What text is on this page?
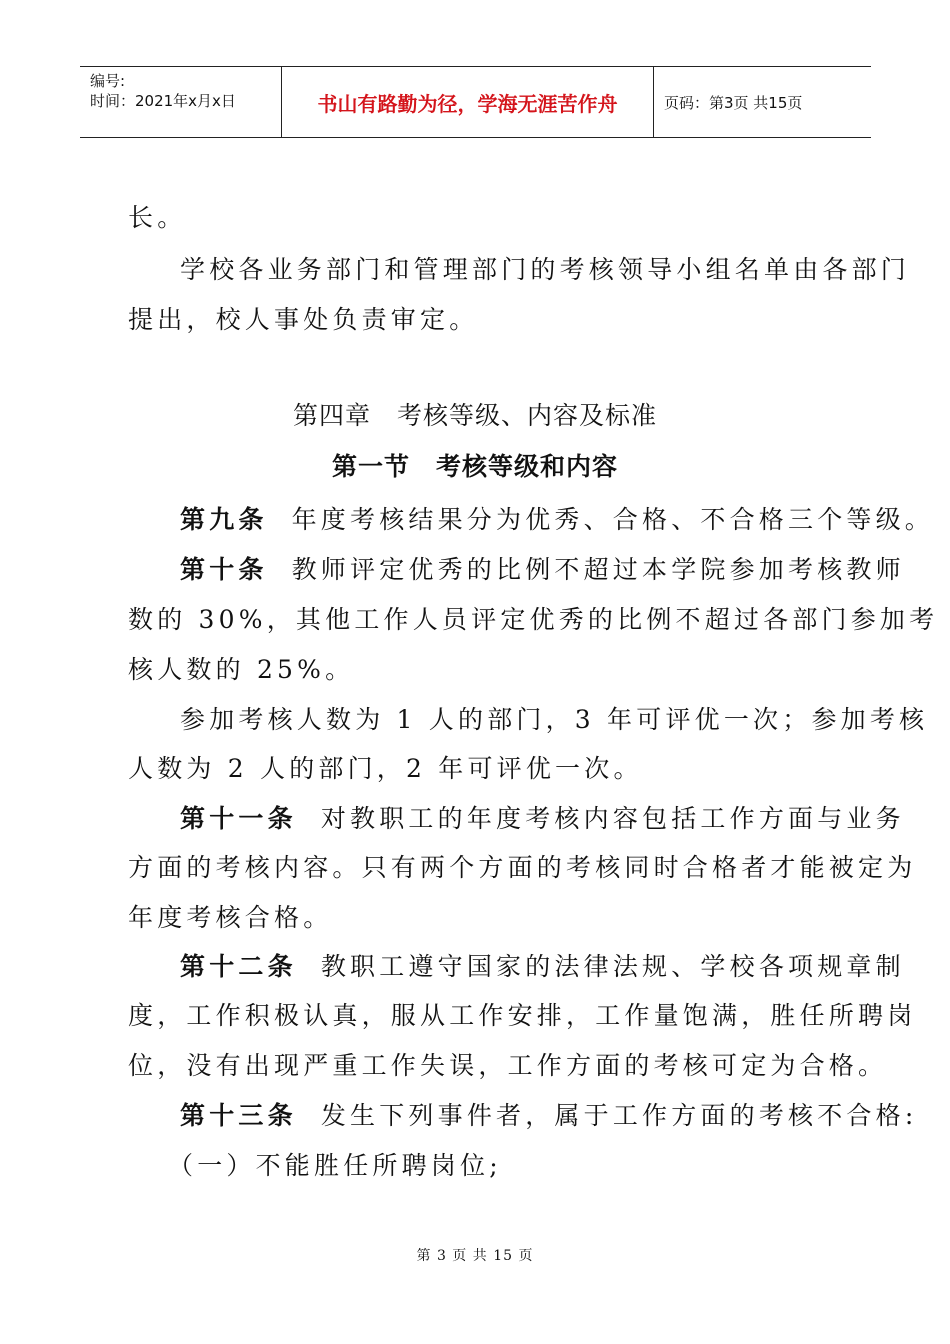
编号:
时间：2021年x月x日	书山有路勤为径，学海无涯苦作舟	页码：第3页 共15页
长。
学校各业务部门和管理部门的考核领导小组名单由各部门
提出，校人事处负责审定。
第四章　考核等级、内容及标准
第一节　考核等级和内容
第九条 年度考核结果分为优秀、合格、不合格三个等级。
第十条 教师评定优秀的比例不超过本学院参加考核教师
数的 30%，其他工作人员评定优秀的比例不超过各部门参加考
核人数的 25%。
参加考核人数为 1 人的部门，3 年可评优一次；参加考核
人数为 2 人的部门，2 年可评优一次。
第十一条 对教职工的年度考核内容包括工作方面与业务
方面的考核内容。只有两个方面的考核同时合格者才能被定为
年度考核合格。
第十二条 教职工遵守国家的法律法规、学校各项规章制
度，工作积极认真，服从工作安排，工作量饱满，胜任所聘岗
位，没有出现严重工作失误，工作方面的考核可定为合格。
第十三条 发生下列事件者，属于工作方面的考核不合格:
（一）不能胜任所聘岗位;
第 3 页 共 15 页
